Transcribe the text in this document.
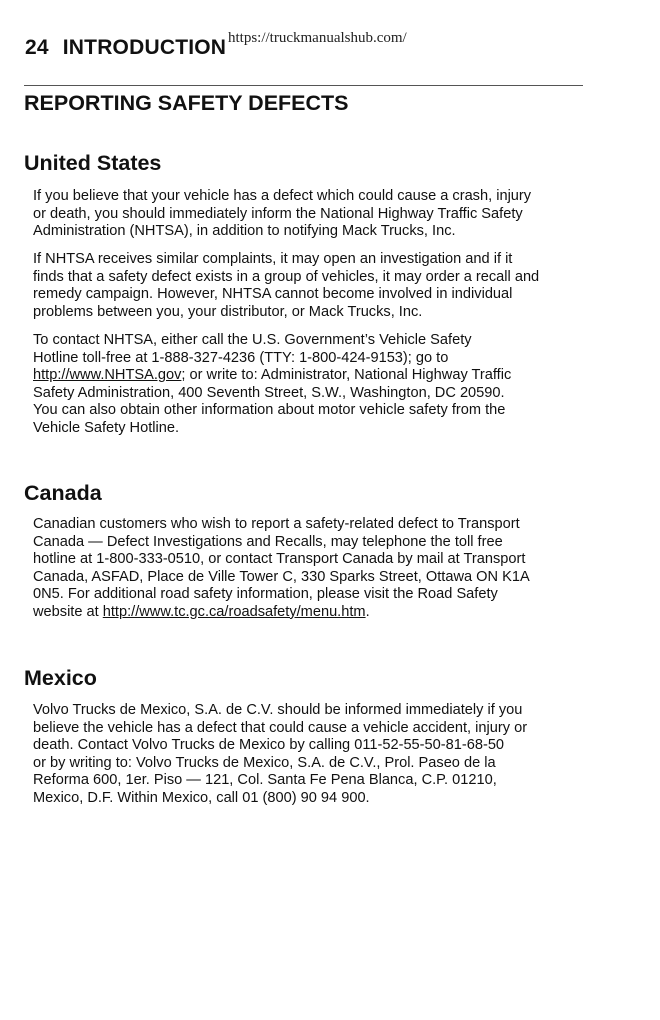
24 INTRODUCTION https://truckmanualshub.com/
REPORTING SAFETY DEFECTS
United States

If you believe that your vehicle has a defect which could cause a crash, injury
or death, you should immediately inform the National Highway Traffic Safety
Administration (NHTSA), in addition to notifying Mack Trucks, Inc.

If NHTSA receives similar complaints, it may open an investigation and if it
finds that a safety defect exists in a group of vehicles, it may order a recall and
remedy campaign. However, NHTSA cannot become involved in individual
problems between you, your distributor, or Mack Trucks, Inc.

To contact NHTSA, either call the U.S. Government’s Vehicle Safety
Hotline toll-free at 1-888-327-4236 (TTY: 1-800-424-9153); go to
http://www.NHTSA.gov; or write to: Administrator, National Highway Traffic
Safety Administration, 400 Seventh Street, S.W., Washington, DC 20590.
You can also obtain other information about motor vehicle safety from the
Vehicle Safety Hotline.

Canada

Canadian customers who wish to report a safety-related defect to Transport
Canada — Defect Investigations and Recalls, may telephone the toll free
hotline at 1-800-333-0510, or contact Transport Canada by mail at Transport
Canada, ASFAD, Place de Ville Tower C, 330 Sparks Street, Ottawa ON K1A
0N5. For additional road safety information, please visit the Road Safety
website at http://www.tc.gc.ca/roadsafety/menu.htm.

Mexico

Volvo Trucks de Mexico, S.A. de C.V. should be informed immediately if you
believe the vehicle has a defect that could cause a vehicle accident, injury or
death. Contact Volvo Trucks de Mexico by calling 011-52-55-50-81-68-50
or by writing to: Volvo Trucks de Mexico, S.A. de C.V., Prol. Paseo de la
Reforma 600, 1er. Piso — 121, Col. Santa Fe Pena Blanca, C.P. 01210,
Mexico, D.F. Within Mexico, call 01 (800) 90 94 900.
